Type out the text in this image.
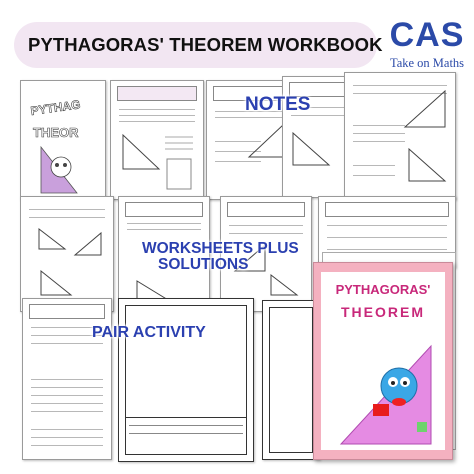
PYTHAGORAS' THEOREM WORKBOOK CAS
Take on Maths
PYTHAG
THEOR
NOTES
WORKSHEETS PLUS
SOLUTIONS
PAIR ACTIVITY
PYTHAGORAS'
THEOREM
